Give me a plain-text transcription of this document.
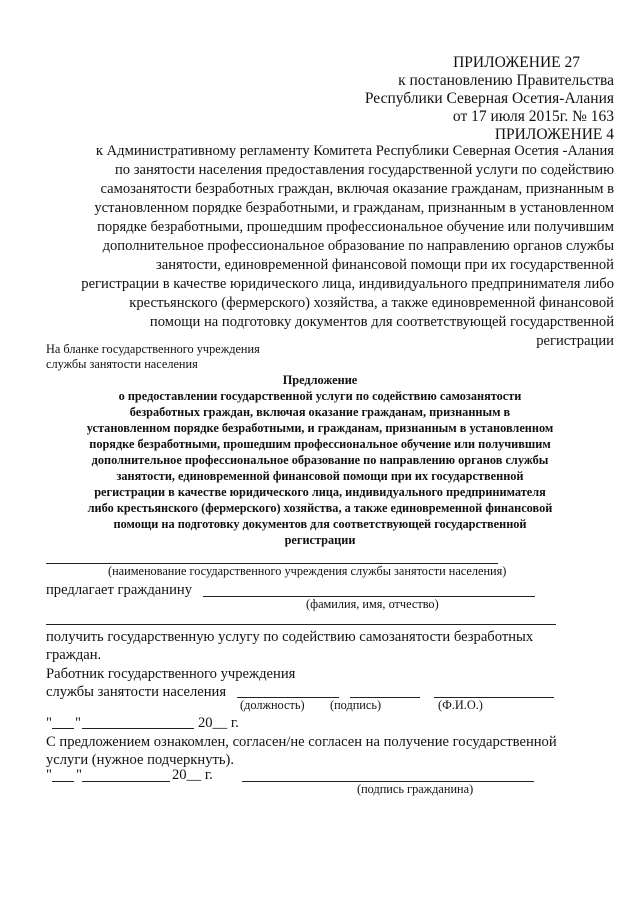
ПРИЛОЖЕНИЕ 27
к постановлению Правительства
Республики Северная Осетия-Алания
от 17 июля 2015г. № 163
ПРИЛОЖЕНИЕ 4
к Административному регламенту Комитета Республики Северная Осетия -Алания
по занятости населения предоставления государственной услуги по содействию
самозанятости безработных граждан, включая оказание гражданам, признанным в
установленном порядке безработными, и гражданам, признанным в установленном
порядке безработными, прошедшим профессиональное обучение или получившим
дополнительное профессиональное образование по направлению органов службы
занятости, единовременной финансовой помощи при их государственной
регистрации в качестве юридического лица, индивидуального предпринимателя либо
крестьянского (фермерского) хозяйства, а также единовременной финансовой
помощи на подготовку документов для соответствующей государственной
регистрации
На бланке государственного учреждения
службы занятости населения
Предложение
о предоставлении государственной услуги по содействию самозанятости
безработных граждан, включая оказание гражданам, признанным в
установленном порядке безработными, и гражданам, признанным в установленном
порядке безработными, прошедшим профессиональное обучение или получившим
дополнительное профессиональное образование по направлению органов службы
занятости, единовременной финансовой помощи при их государственной
регистрации в качестве юридического лица, индивидуального предпринимателя
либо крестьянского (фермерского) хозяйства, а также единовременной финансовой
помощи на подготовку документов для соответствующей государственной
регистрации
(наименование государственного учреждения службы занятости населения)
предлагает гражданину
(фамилия, имя, отчество)
получить государственную услугу по содействию самозанятости безработных
граждан.
Работник государственного учреждения
службы занятости населения
(должность) (подпись)	(Ф.И.О.)
" "	20__ г.
С предложением ознакомлен, согласен/не согласен на получение государственной
услуги (нужное подчеркнуть).
" "	20__ г.
(подпись гражданина)
